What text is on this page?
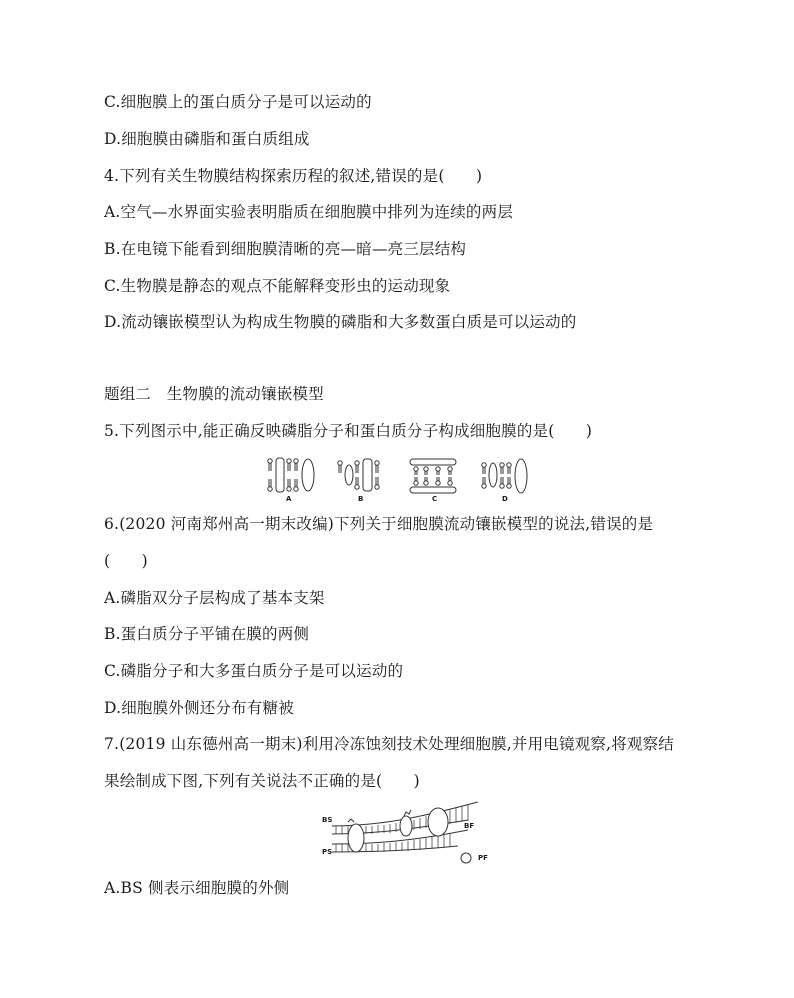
C.细胞膜上的蛋白质分子是可以运动的
D.细胞膜由磷脂和蛋白质组成
4.下列有关生物膜结构探索历程的叙述,错误的是(　　)
A.空气—水界面实验表明脂质在细胞膜中排列为连续的两层
B.在电镜下能看到细胞膜清晰的亮—暗—亮三层结构
C.生物膜是静态的观点不能解释变形虫的运动现象
D.流动镶嵌模型认为构成生物膜的磷脂和大多数蛋白质是可以运动的
题组二　生物膜的流动镶嵌模型
5.下列图示中,能正确反映磷脂分子和蛋白质分子构成细胞膜的是(　　)
A	B	C	D
6.(2020 河南郑州高一期末改编)下列关于细胞膜流动镶嵌模型的说法,错误的是
(　　)
A.磷脂双分子层构成了基本支架
B.蛋白质分子平铺在膜的两侧
C.磷脂分子和大多蛋白质分子是可以运动的
D.细胞膜外侧还分布有糖被
7.(2019 山东德州高一期末)利用冷冻蚀刻技术处理细胞膜,并用电镜观察,将观察结
果绘制成下图,下列有关说法不正确的是(　　)
BS
PS
BF
PF
A.BS 侧表示细胞膜的外侧
